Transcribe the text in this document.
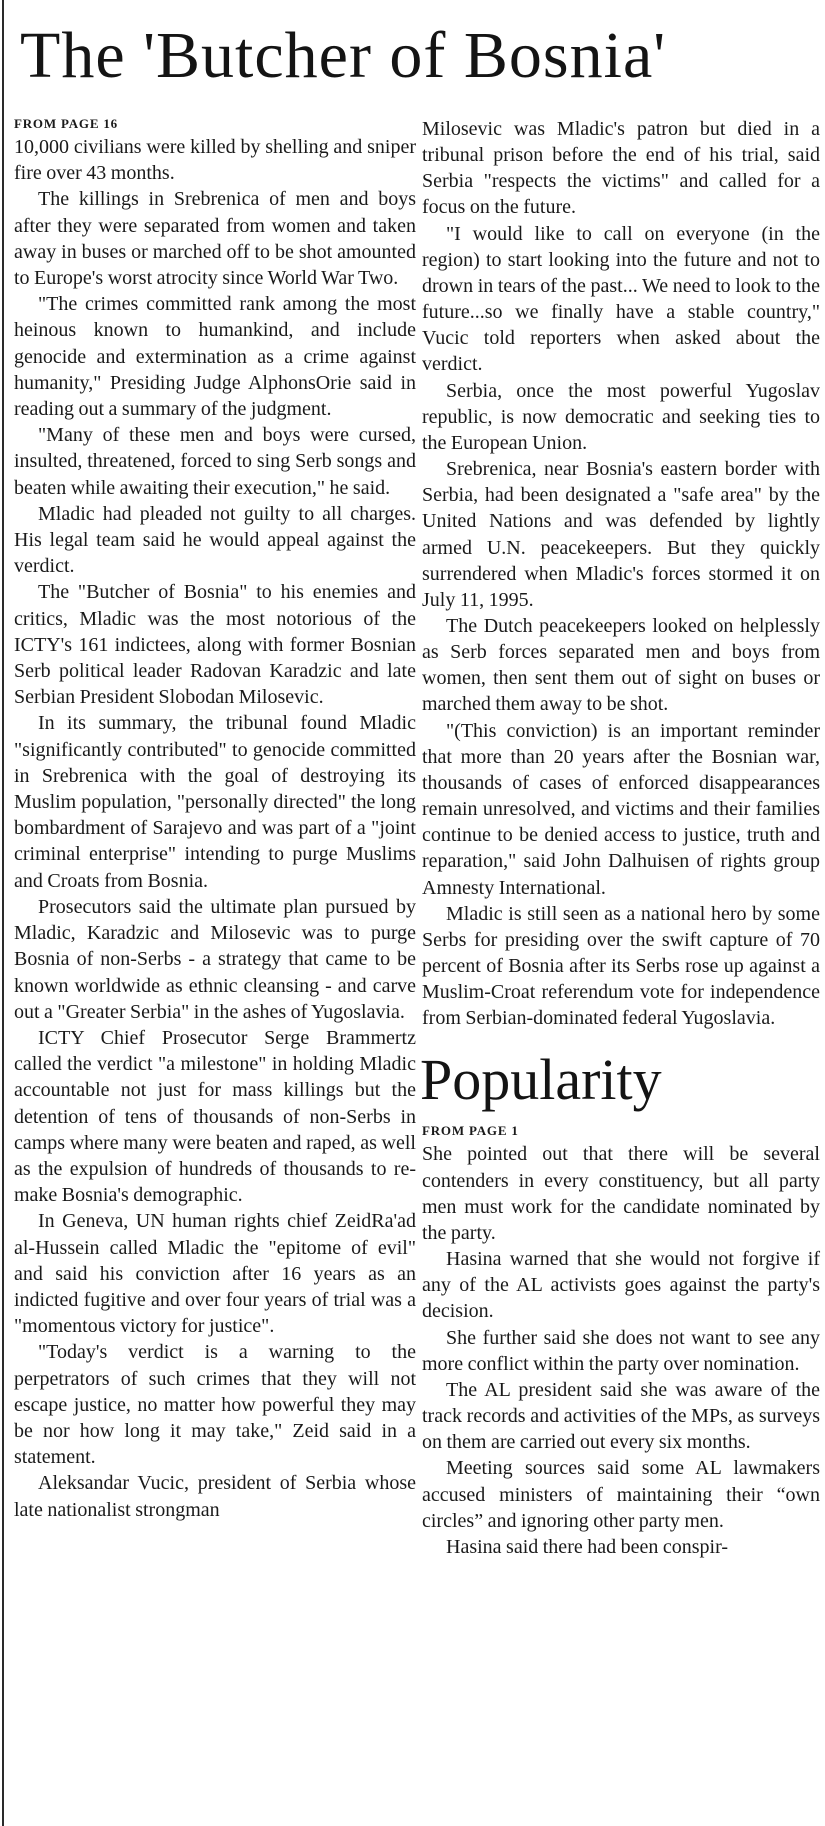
The 'Butcher of Bosnia'
FROM PAGE 16

10,000 civilians were killed by shelling and sniper fire over 43 months.

The killings in Srebrenica of men and boys after they were separated from women and taken away in buses or marched off to be shot amounted to Europe's worst atrocity since World War Two.

"The crimes committed rank among the most heinous known to humankind, and include genocide and extermination as a crime against humanity," Presiding Judge AlphonsOrie said in reading out a summary of the judgment.

"Many of these men and boys were cursed, insulted, threatened, forced to sing Serb songs and beaten while awaiting their execution," he said.

Mladic had pleaded not guilty to all charges. His legal team said he would appeal against the verdict.

The "Butcher of Bosnia" to his enemies and critics, Mladic was the most notorious of the ICTY's 161 indictees, along with former Bosnian Serb political leader Radovan Karadzic and late Serbian President Slobodan Milosevic.

In its summary, the tribunal found Mladic "significantly contributed" to genocide committed in Srebrenica with the goal of destroying its Muslim population, "personally directed" the long bombardment of Sarajevo and was part of a "joint criminal enterprise" intending to purge Muslims and Croats from Bosnia.

Prosecutors said the ultimate plan pursued by Mladic, Karadzic and Milosevic was to purge Bosnia of non-Serbs - a strategy that came to be known worldwide as ethnic cleansing - and carve out a "Greater Serbia" in the ashes of Yugoslavia.

ICTY Chief Prosecutor Serge Brammertz called the verdict "a milestone" in holding Mladic accountable not just for mass killings but the detention of tens of thousands of non-Serbs in camps where many were beaten and raped, as well as the expulsion of hundreds of thousands to re-make Bosnia's demographic.

In Geneva, UN human rights chief ZeidRa'ad al-Hussein called Mladic the "epitome of evil" and said his conviction after 16 years as an indicted fugitive and over four years of trial was a "momentous victory for justice".

"Today's verdict is a warning to the perpetrators of such crimes that they will not escape justice, no matter how powerful they may be nor how long it may take," Zeid said in a statement.

Aleksandar Vucic, president of Serbia whose late nationalist strongman

Milosevic was Mladic's patron but died in a tribunal prison before the end of his trial, said Serbia "respects the victims" and called for a focus on the future.

"I would like to call on everyone (in the region) to start looking into the future and not to drown in tears of the past... We need to look to the future...so we finally have a stable country," Vucic told reporters when asked about the verdict.

Serbia, once the most powerful Yugoslav republic, is now democratic and seeking ties to the European Union.

Srebrenica, near Bosnia's eastern border with Serbia, had been designated a "safe area" by the United Nations and was defended by lightly armed U.N. peacekeepers. But they quickly surrendered when Mladic's forces stormed it on July 11, 1995.

The Dutch peacekeepers looked on helplessly as Serb forces separated men and boys from women, then sent them out of sight on buses or marched them away to be shot.

"(This conviction) is an important reminder that more than 20 years after the Bosnian war, thousands of cases of enforced disappearances remain unresolved, and victims and their families continue to be denied access to justice, truth and reparation," said John Dalhuisen of rights group Amnesty International.

Mladic is still seen as a national hero by some Serbs for presiding over the swift capture of 70 percent of Bosnia after its Serbs rose up against a Muslim-Croat referendum vote for independence from Serbian-dominated federal Yugoslavia.

Popularity
FROM PAGE 1

She pointed out that there will be several contenders in every constituency, but all party men must work for the candidate nominated by the party.

Hasina warned that she would not forgive if any of the AL activists goes against the party's decision.

She further said she does not want to see any more conflict within the party over nomination.

The AL president said she was aware of the track records and activities of the MPs, as surveys on them are carried out every six months.

Meeting sources said some AL lawmakers accused ministers of maintaining their “own circles” and ignoring other party men.

Hasina said there had been conspir-
